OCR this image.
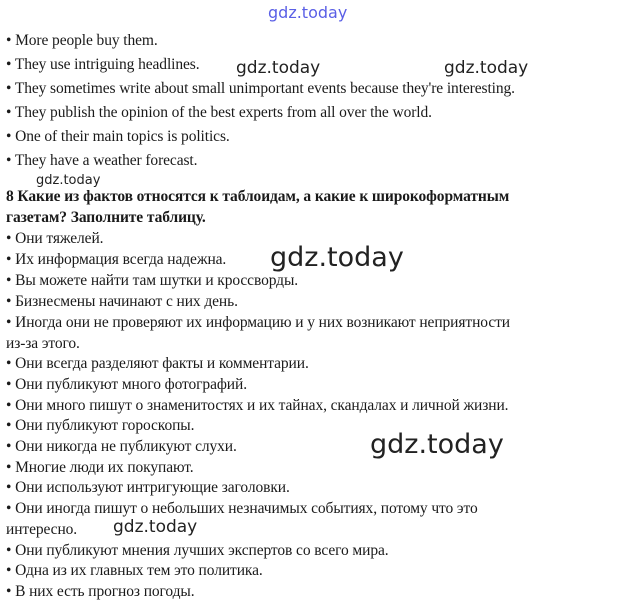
• More people buy them.
• They use intriguing headlines.
• They sometimes write about small unimportant events because they're interesting.
• They publish the opinion of the best experts from all over the world.
• One of their main topics is politics.
• They have a weather forecast.
8 Какие из фактов относятся к таблоидам, а какие к широкоформатным
газетам? Заполните таблицу.
• Они тяжелей.
• Их информация всегда надежна.
• Вы можете найти там шутки и кроссворды.
• Бизнесмены начинают с них день.
• Иногда они не проверяют их информацию и у них возникают неприятности
из-за этого.
• Они всегда разделяют факты и комментарии.
• Они публикуют много фотографий.
• Они много пишут о знаменитостях и их тайнах, скандалах и личной жизни.
• Они публикуют гороскопы.
• Они никогда не публикуют слухи.
• Многие люди их покупают.
• Они используют интригующие заголовки.
• Они иногда пишут о небольших незначимых событиях, потому что это
интересно.
• Они публикуют мнения лучших экспертов со всего мира.
• Одна из их главных тем это политика.
• В них есть прогноз погоды.
gdz.today
gdz.today	gdz.today
gdz.today
gdz.today
gdz.today
gdz.today
